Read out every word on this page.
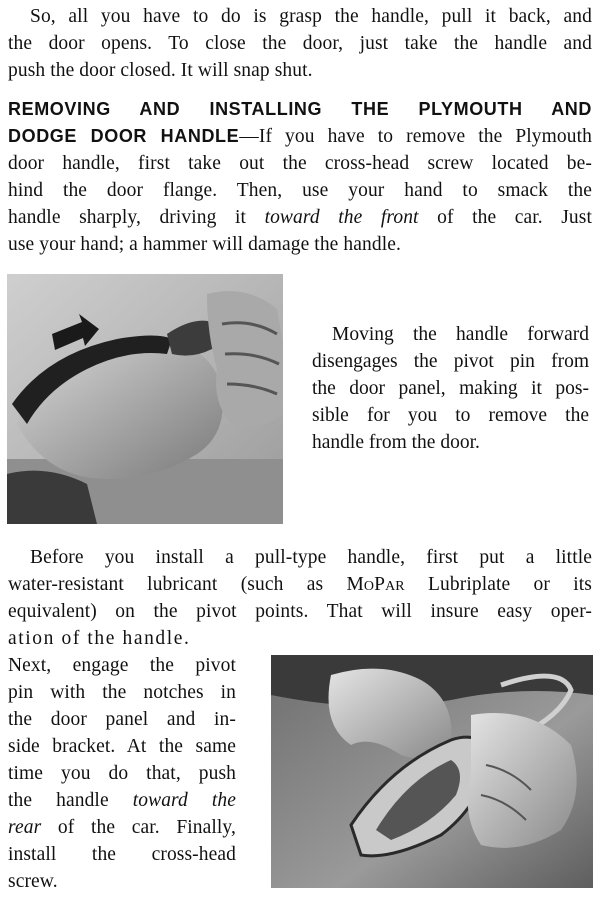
So, all you have to do is grasp the handle, pull it back, and
the door opens. To close the door, just take the handle and
push the door closed. It will snap shut.
REMOVING AND INSTALLING THE PLYMOUTH AND
DODGE DOOR HANDLE—If you have to remove the Plymouth
door handle, first take out the cross-head screw located be-
hind the door flange. Then, use your hand to smack the
handle sharply, driving it toward the front of the car. Just
use your hand; a hammer will damage the handle.
Moving the handle forward
disengages the pivot pin from
the door panel, making it pos-
sible for you to remove the
handle from the door.
Before you install a pull-type handle, first put a little
water-resistant lubricant (such as MoPar Lubriplate or its
equivalent) on the pivot points. That will insure easy oper-
ation of the handle.
Next, engage the pivot
pin with the notches in
the door panel and in-
side bracket. At the same
time you do that, push
the handle toward the
rear of the car. Finally,
install the cross-head
screw.
